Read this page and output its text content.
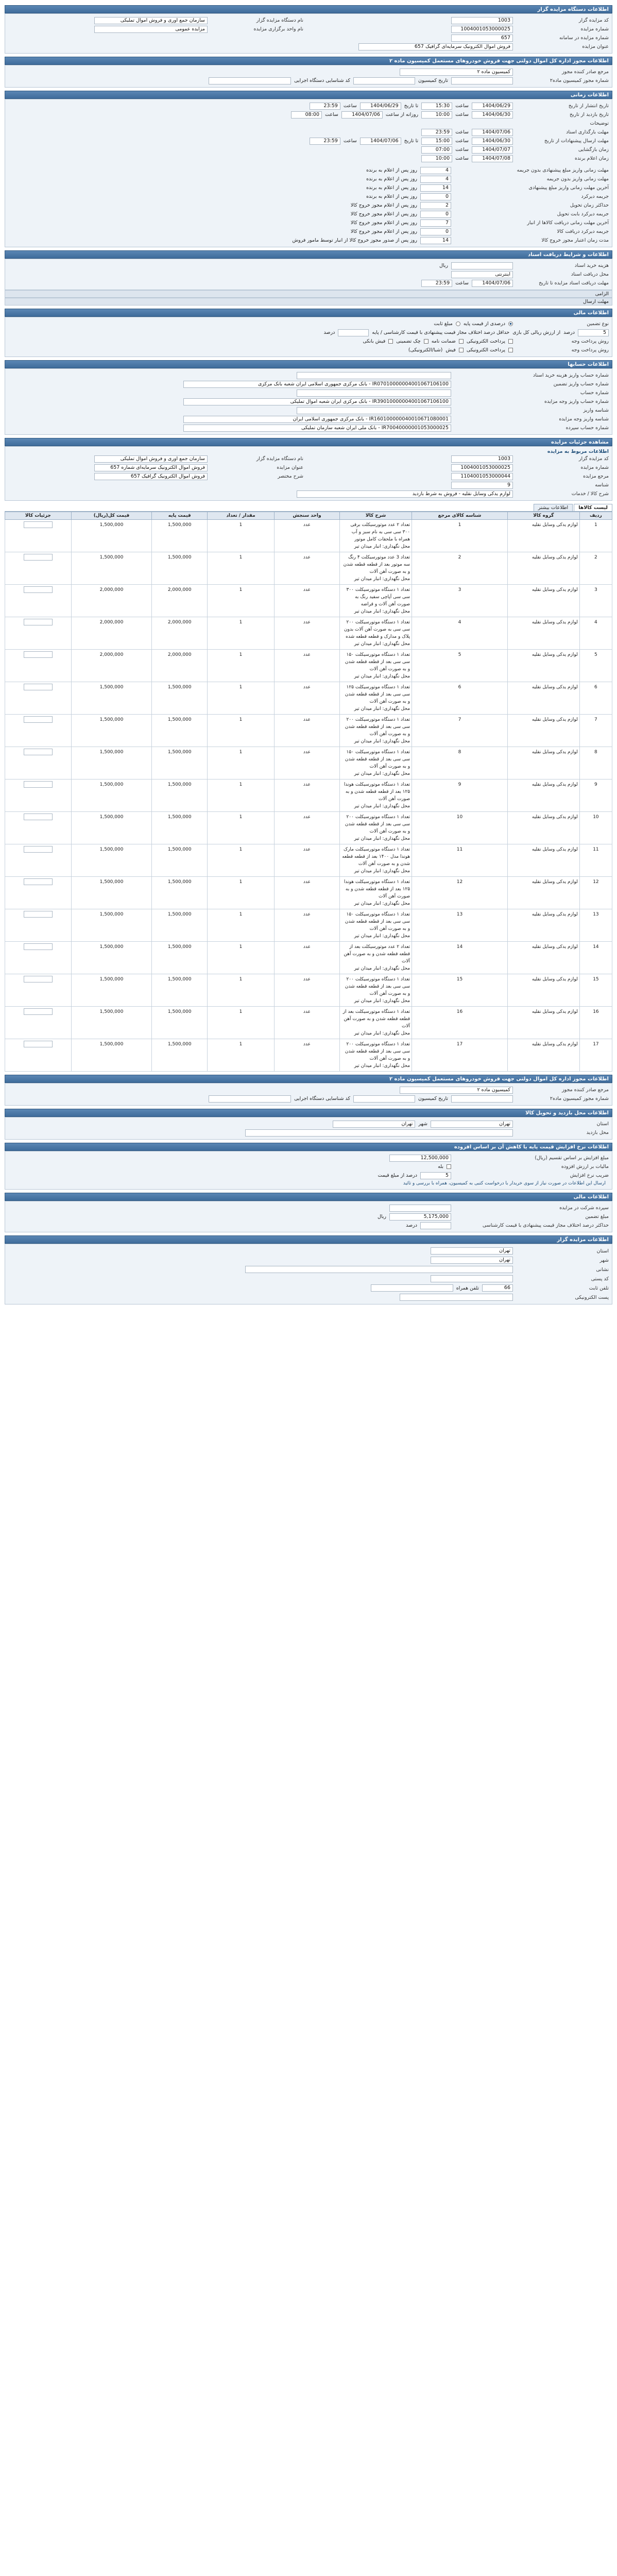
اطلاعات دستگاه مزایده گزار
کد مزایده گزار
1003
شماره مزایده
1004001053000025
شماره مزایده در سامانه
657
نام دستگاه مزایده گزار
سازمان جمع آوری و فروش اموال تملیکی
نام واحد برگزاری مزایده
مزایده عمومی
عنوان مزایده
فروش اموال الکترونیک سرمایه‌ای گرافیک 657
اطلاعات مجوز اداره کل اموال دولتی جهت فروش خودروهای مستعمل کمیسیون ماده ۲
مرجع صادر کننده مجوز
کمیسیون ماده ۲
شماره مجوز کمیسیون ماده۲
تاریخ کمیسیون
کد شناسایی دستگاه اجرایی
اطلاعات زمانی
تاریخ انتشار از تاریخ
1404/06/29
ساعت
15:30
تا تاریخ
1404/06/29
ساعت
23:59
تاریخ بازدید از تاریخ
1404/06/30
ساعت
10:00
روزانه از ساعت
1404/07/06
ساعت
08:00
توضیحات
مهلت بارگذاری اسناد
1404/07/06
ساعت
23:59
مهلت ارسال پیشنهادات از تاریخ
1404/06/30
ساعت
15:00
تا تاریخ
1404/07/06
ساعت
23:59
زمان بازگشایی
1404/07/07
ساعت
07:00
زمان اعلام برنده
1404/07/08
ساعت
10:00
مهلت زمانی واریز مبلغ پیشنهادی بدون جریمه
4
روز پس از اعلام به برنده
مهلت زمانی واریز بدون جریمه
4
روز پس از اعلام به برنده
آخرین مهلت زمانی واریز مبلغ پیشنهادی
14
روز پس از اعلام به برنده
جریمه دیرکرد
0
روز پس از اعلام به برنده
حداکثر زمان تحویل
2
روز پس از اعلام مجوز خروج کالا
جریمه دیرکرد بابت تحویل
0
روز پس از اعلام مجوز خروج کالا
آخرین مهلت زمانی دریافت کالاها از انبار
7
روز پس از اعلام مجوز خروج کالا
جریمه دیرکرد دریافت کالا
0
روز پس از اعلام مجوز خروج کالا
مدت زمان اعتبار مجوز خروج کالا
14
روز پس از صدور مجوز خروج کالا از انبار توسط مامور فروش
اطلاعات و شرایط دریافت اسناد
هزینه خرید اسناد
ریال
محل دریافت اسناد
اینترنتی
مهلت دریافت اسناد مزایده تا تاریخ
1404/07/06
ساعت
23:59
الزامی
مهلت ارسال
اطلاعات مالی
نوع تضمین
درصدی از قیمت پایه
مبلغ ثابت
5
درصد
از ارزش ریالی کل بازی
حداقل درصد اختلاف مجاز قیمت پیشنهادی با قیمت کارشناسی / پایه
درصد
روش پرداخت وجه
پرداخت الکترونیکی
ضمانت نامه
چک تضمینی
فیش بانکی
روش پرداخت وجه
پرداخت الکترونیکی
فیش
(شبا/الکترونیکی)
اطلاعات حسابها
شماره حساب واریز هزینه خرید اسناد
شماره حساب واریز تضمین
IR07010000004001067106100 - بانک مرکزی جمهوری اسلامی ایران شعبه بانک مرکزی
شماره حساب
شماره حساب واریز وجه مزایده
IR39010000004001067106100 - بانک مرکزی ایران شعبه اموال تملیکی
شناسه واریز
شناسه واریز وجه مزایده
IR160100000040010671080001 - بانک مرکزی جمهوری اسلامی ایران
شماره حساب سپرده
IR70040000001053000025 - بانک ملی ایران شعبه سازمان تملیکی
مشاهده جزئیات مزایده
اطلاعات مربوط به مزایده
کد مزایده گزار
1003
شماره مزایده
1004001053000025
مرجع مزایده
1104001053000044
شناسه
9
نام دستگاه مزایده گزار
سازمان جمع آوری و فروش اموال تملیکی
عنوان مزایده
فروش اموال الکترونیک سرمایه‌ای شماره 657
شرح مختصر
فروش اموال الکترونیک گرافیک 657
شرح کالا / خدمات
لوازم یدکی وسایل نقلیه - فروش به شرط بازدید
لیست کالاها
اطلاعات بیشتر
ردیف	گروه کالا	شناسه کالای مرجع	شرح کالا	واحد سنجش	مقدار / تعداد	قیمت پایه	قیمت کل(ریال)	جزئیات کالا
1	لوازم یدکی وسایل نقلیه	1	تعداد ۲ عدد موتورسیکلت برقی ۳۰۰ سی سی به نام سبز و آب همراه با ملحقات کامل موتور
محل نگهداری: انبار میدان تیر	عدد	1	1,500,000	1,500,000	
2	لوازم یدکی وسایل نقلیه	2	تعداد 3 عدد موتورسیکلت ۴ رنگ سه موتور بعد از قطعه قطعه شدن و به صورت آهن آلات
محل نگهداری: انبار میدان تیر	عدد	1	1,500,000	1,500,000	
3	لوازم یدکی وسایل نقلیه	3	تعداد ۱ دستگاه موتورسیکلت ۳۰۰ سی سی آپاچی سفید رنگ به صورت آهن آلات و قراضه
محل نگهداری: انبار میدان تیر	عدد	1	2,000,000	2,000,000	
4	لوازم یدکی وسایل نقلیه	4	تعداد ۱ دستگاه موتورسیکلت ۲۰۰ سی سی به صورت آهن آلات بدون پلاک و مدارک و قطعه قطعه شده
محل نگهداری: انبار میدان تیر	عدد	1	2,000,000	2,000,000	
5	لوازم یدکی وسایل نقلیه	5	تعداد ۱ دستگاه موتورسیکلت ۱۵۰ سی سی بعد از قطعه قطعه شدن و به صورت آهن آلات
محل نگهداری: انبار میدان تیر	عدد	1	2,000,000	2,000,000	
6	لوازم یدکی وسایل نقلیه	6	تعداد ۱ دستگاه موتورسیکلت ۱۲۵ سی سی بعد از قطعه قطعه شدن و به صورت آهن آلات
محل نگهداری: انبار میدان تیر	عدد	1	1,500,000	1,500,000	
7	لوازم یدکی وسایل نقلیه	7	تعداد ۱ دستگاه موتورسیکلت ۲۰۰ سی سی بعد از قطعه قطعه شدن و به صورت آهن آلات
محل نگهداری: انبار میدان تیر	عدد	1	1,500,000	1,500,000	
8	لوازم یدکی وسایل نقلیه	8	تعداد ۱ دستگاه موتورسیکلت ۱۵۰ سی سی بعد از قطعه قطعه شدن و به صورت آهن آلات
محل نگهداری: انبار میدان تیر	عدد	1	1,500,000	1,500,000	
9	لوازم یدکی وسایل نقلیه	9	تعداد ۱ دستگاه موتورسیکلت هوندا ۱۲۵ بعد از قطعه قطعه شدن و به صورت آهن آلات
محل نگهداری: انبار میدان تیر	عدد	1	1,500,000	1,500,000	
10	لوازم یدکی وسایل نقلیه	10	تعداد ۱ دستگاه موتورسیکلت ۲۰۰ سی سی بعد از قطعه قطعه شدن و به صورت آهن آلات
محل نگهداری: انبار میدان تیر	عدد	1	1,500,000	1,500,000	
11	لوازم یدکی وسایل نقلیه	11	تعداد ۱ دستگاه موتورسیکلت مارک هوندا مدل ۱۴۰۰ بعد از قطعه قطعه شدن و به صورت آهن آلات
محل نگهداری: انبار میدان تیر	عدد	1	1,500,000	1,500,000	
12	لوازم یدکی وسایل نقلیه	12	تعداد ۱ دستگاه موتورسیکلت هوندا ۱۲۵ بعد از قطعه قطعه شدن و به صورت آهن آلات
محل نگهداری: انبار میدان تیر	عدد	1	1,500,000	1,500,000	
13	لوازم یدکی وسایل نقلیه	13	تعداد ۱ دستگاه موتورسیکلت ۱۵۰ سی سی بعد از قطعه قطعه شدن و به صورت آهن آلات
محل نگهداری: انبار میدان تیر	عدد	1	1,500,000	1,500,000	
14	لوازم یدکی وسایل نقلیه	14	تعداد ۲ عدد موتورسیکلت بعد از قطعه قطعه شدن و به صورت آهن آلات
محل نگهداری: انبار میدان تیر	عدد	1	1,500,000	1,500,000	
15	لوازم یدکی وسایل نقلیه	15	تعداد ۱ دستگاه موتورسیکلت ۲۰۰ سی سی بعد از قطعه قطعه شدن و به صورت آهن آلات
محل نگهداری: انبار میدان تیر	عدد	1	1,500,000	1,500,000	
16	لوازم یدکی وسایل نقلیه	16	تعداد ۱ دستگاه موتورسیکلت بعد از قطعه قطعه شدن و به صورت آهن آلات
محل نگهداری: انبار میدان تیر	عدد	1	1,500,000	1,500,000	
17	لوازم یدکی وسایل نقلیه	17	تعداد ۱ دستگاه موتورسیکلت ۲۰۰ سی سی بعد از قطعه قطعه شدن و به صورت آهن آلات
محل نگهداری: انبار میدان تیر	عدد	1	1,500,000	1,500,000	
اطلاعات مجوز اداره کل اموال دولتی جهت فروش خودروهای مستعمل کمیسیون ماده ۲
مرجع صادر کننده مجوز
کمیسیون ماده ۲
شماره مجوز کمیسیون ماده۲
تاریخ کمیسیون
کد شناسایی دستگاه اجرایی
اطلاعات محل بازدید و تحویل کالا
استان
تهران
شهر
تهران
محل بازدید
اطلاعات نرخ افزایش قیمت پایه یا کاهش آن بر اساس افزوده
مبلغ افزایش بر اساس تقسیم (ریال)
12,500,000
مالیات بر ارزش افزوده
بله
ضریب نرخ افزایش
5
درصد از مبلغ قیمت
ارسال این اطلاعات در صورت نیاز از سوی خریدار با درخواست کتبی به کمیسیون، همراه با بررسی و تائید
اطلاعات مالی
سپرده شرکت در مزایده
مبلغ تضمین
5,175,000
ریال
حداکثر درصد اختلاف مجاز قیمت پیشنهادی با قیمت کارشناسی
درصد
اطلاعات مزایده گزار
استان
تهران
شهر
تهران
نشانی
کد پستی
تلفن ثابت
66
تلفن همراه
پست الکترونیکی
